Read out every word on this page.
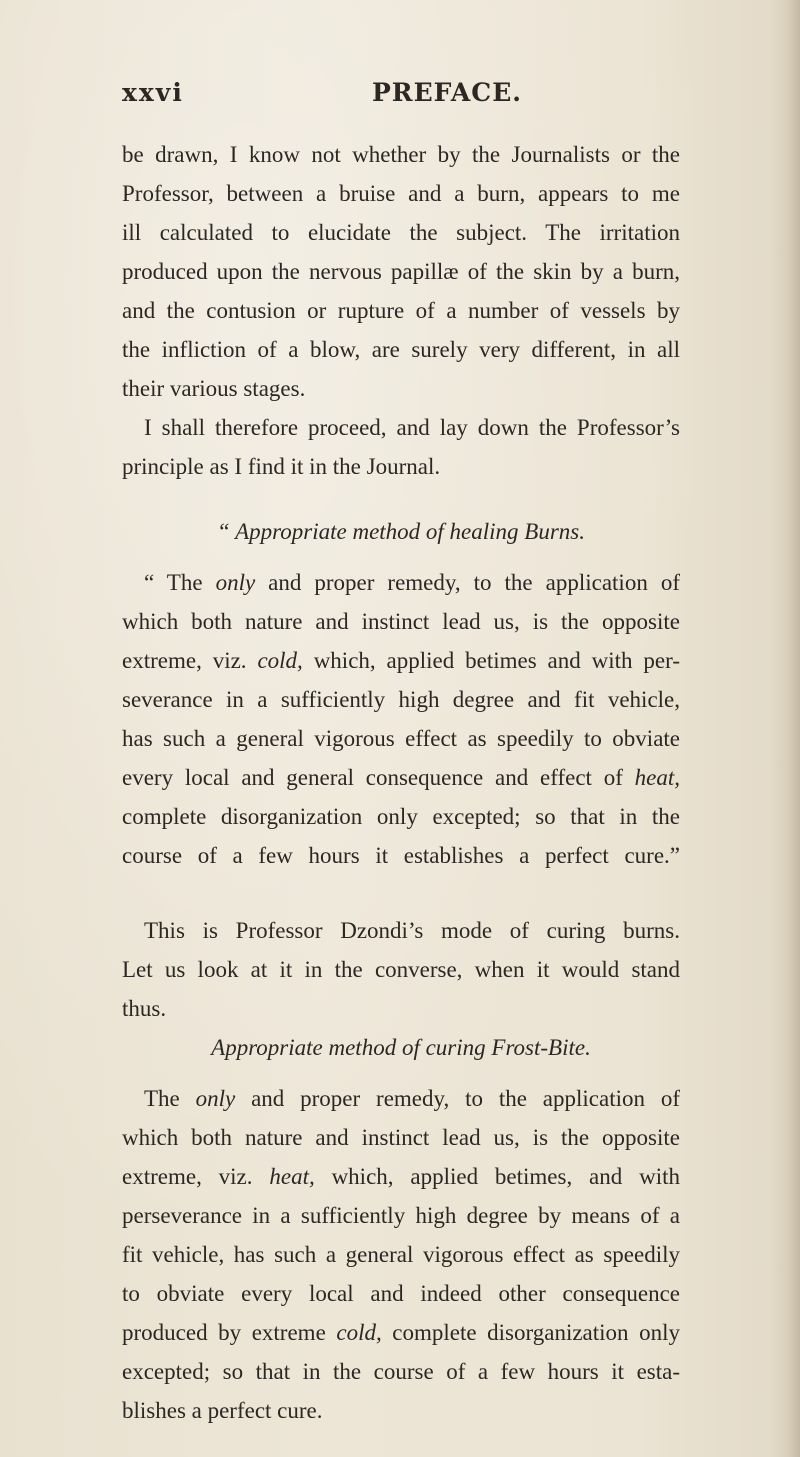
xxvi	PREFACE.
be drawn, I know not whether by the Journalists or the
Professor, between a bruise and a burn, appears to me
ill calculated to elucidate the subject. The irritation
produced upon the nervous papillæ of the skin by a burn,
and the contusion or rupture of a number of vessels by
the infliction of a blow, are surely very different, in all
their various stages.
I shall therefore proceed, and lay down the Professor’s
principle as I find it in the Journal.
“ Appropriate method of healing Burns.
“ The only and proper remedy, to the application of
which both nature and instinct lead us, is the opposite
extreme, viz. cold, which, applied betimes and with per-
severance in a sufficiently high degree and fit vehicle,
has such a general vigorous effect as speedily to obviate
every local and general consequence and effect of heat,
complete disorganization only excepted; so that in the
course of a few hours it establishes a perfect cure.”
This is Professor Dzondi’s mode of curing burns.
Let us look at it in the converse, when it would stand
thus.
Appropriate method of curing Frost-Bite.
The only and proper remedy, to the application of
which both nature and instinct lead us, is the opposite
extreme, viz. heat, which, applied betimes, and with
perseverance in a sufficiently high degree by means of a
fit vehicle, has such a general vigorous effect as speedily
to obviate every local and indeed other consequence
produced by extreme cold, complete disorganization only
excepted; so that in the course of a few hours it esta-
blishes a perfect cure.
